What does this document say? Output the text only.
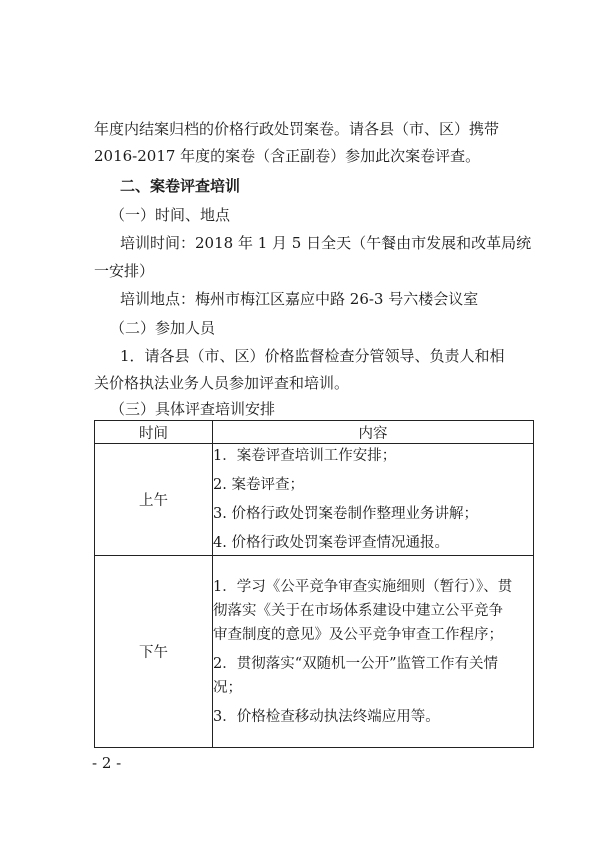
年度内结案归档的价格行政处罚案卷。请各县（市、区）携带
2016-2017 年度的案卷（含正副卷）参加此次案卷评查。
二、案卷评查培训
（一）时间、地点
培训时间：2018 年 1 月 5 日全天（午餐由市发展和改革局统
一安排）
培训地点：梅州市梅江区嘉应中路 26-3 号六楼会议室
（二）参加人员
1．请各县（市、区）价格监督检查分管领导、负责人和相
关价格执法业务人员参加评查和培训。
（三）具体评查培训安排
时间	内容
上午	1．案卷评查培训工作安排；
2. 案卷评查；
3. 价格行政处罚案卷制作整理业务讲解；
4. 价格行政处罚案卷评查情况通报。

下午	1．学习《公平竞争审查实施细则（暂行）》、贯彻落实《关于在市场体系建设中建立公平竞争审查制度的意见》及公平竞争审查工作程序；
2．贯彻落实“双随机一公开”监管工作有关情况；
3．价格检查移动执法终端应用等。
- 2 -
